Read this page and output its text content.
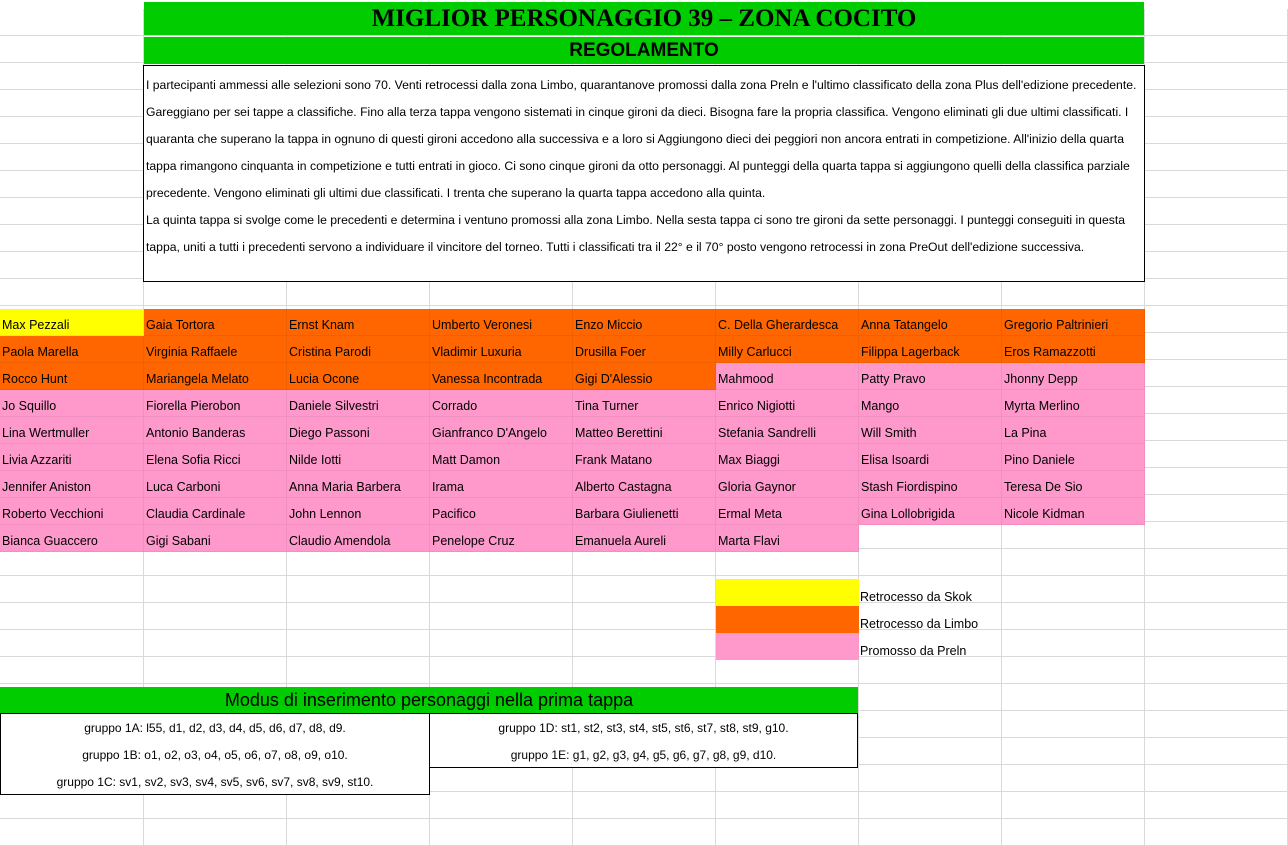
MIGLIOR PERSONAGGIO 39 – ZONA COCITO
REGOLAMENTO

I partecipanti ammessi alle selezioni sono 70. Venti retrocessi dalla zona Limbo, quarantanove promossi dalla zona Preln e l'ultimo classificato della zona Plus dell'edizione precedente. Gareggiano per sei tappe a classifiche. Fino alla terza tappa vengono sistemati in cinque gironi da dieci. Bisogna fare la propria classifica. Vengono eliminati gli due ultimi classificati. I quaranta che superano la tappa in ognuno di questi gironi accedono alla successiva e a loro si Aggiungono dieci dei peggiori non ancora entrati in competizione. All'inizio della quarta tappa rimangono cinquanta in competizione e tutti entrati in gioco. Ci sono cinque gironi da otto personaggi. Al punteggi della quarta tappa si aggiungono quelli della classifica parziale precedente. Vengono eliminati gli ultimi due classificati. I trenta che superano la quarta tappa accedono alla quinta.

La quinta tappa si svolge come le precedenti e determina i ventuno promossi alla zona Limbo. Nella sesta tappa ci sono tre gironi da sette personaggi. I punteggi conseguiti in questa tappa, uniti a tutti i precedenti servono a individuare il vincitore del torneo. Tutti i classificati tra il 22° e il 70° posto vengono retrocessi in zona PreOut dell'edizione successiva.

Max Pezzali	Gaia Tortora	Ernst Knam	Umberto Veronesi	Enzo Miccio	C. Della Gherardesca	Anna Tatangelo	Gregorio Paltrinieri
Paola Marella	Virginia Raffaele	Cristina Parodi	Vladimir Luxuria	Drusilla Foer	Milly Carlucci	Filippa Lagerback	Eros Ramazzotti
Rocco Hunt	Mariangela Melato	Lucia Ocone	Vanessa Incontrada	Gigi D'Alessio	Mahmood	Patty Pravo	Jhonny Depp
Jo Squillo	Fiorella Pierobon	Daniele Silvestri	Corrado	Tina Turner	Enrico Nigiotti	Mango	Myrta Merlino
Lina Wertmuller	Antonio Banderas	Diego Passoni	Gianfranco D'Angelo	Matteo Berettini	Stefania Sandrelli	Will Smith	La Pina
Livia Azzariti	Elena Sofia Ricci	Nilde Iotti	Matt Damon	Frank Matano	Max Biaggi	Elisa Isoardi	Pino Daniele
Jennifer Aniston	Luca Carboni	Anna Maria Barbera	Irama	Alberto Castagna	Gloria Gaynor	Stash Fiordispino	Teresa De Sio
Roberto Vecchioni	Claudia Cardinale	John Lennon	Pacifico	Barbara Giulienetti	Ermal Meta	Gina Lollobrigida	Nicole Kidman
Bianca Guaccero	Gigi Sabani	Claudio Amendola	Penelope Cruz	Emanuela Aureli	Marta Flavi
Retrocesso da Skok
Retrocesso da Limbo
Promosso da Preln
Modus di inserimento personaggi nella prima tappa
gruppo 1A: l55, d1, d2, d3, d4, d5, d6, d7, d8, d9.
gruppo 1B: o1, o2, o3, o4, o5, o6, o7, o8, o9, o10.
gruppo 1C: sv1, sv2, sv3, sv4, sv5, sv6, sv7, sv8, sv9, st10.
gruppo 1D: st1, st2, st3, st4, st5, st6, st7, st8, st9, g10.
gruppo 1E: g1, g2, g3, g4, g5, g6, g7, g8, g9, d10.
